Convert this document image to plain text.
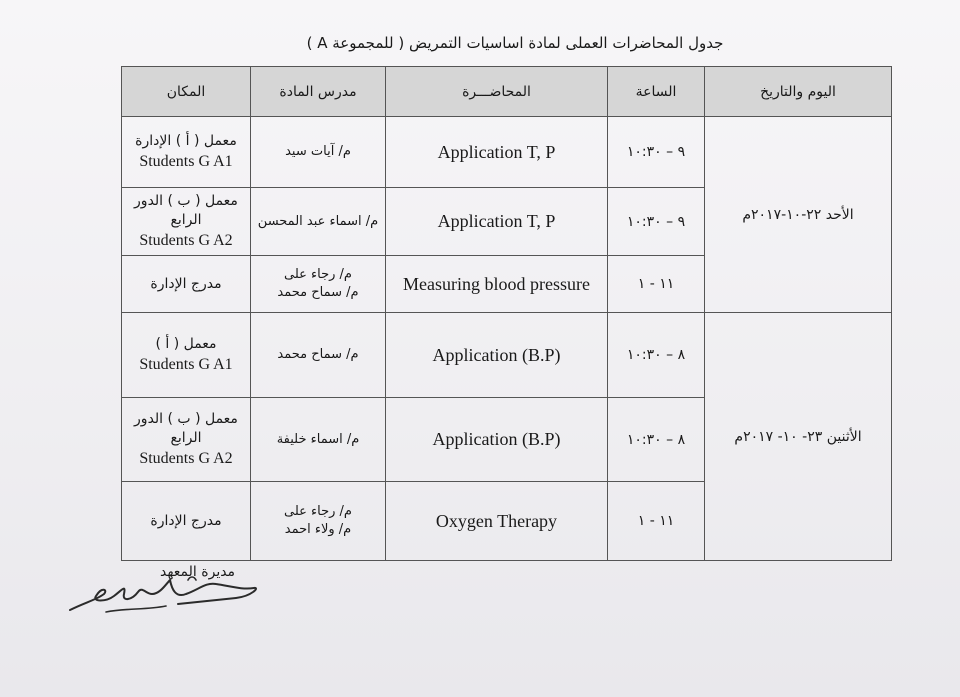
جدول المحاضرات العملى لمادة اساسيات التمريض ( للمجموعة A )
اليوم والتاريخ	الساعة	المحاضـــرة	مدرس المادة	المكان
الأحد ٢٢-١٠-٢٠١٧م	٩ – ١٠:٣٠	Application T, P	م/ آيات سيد	معمل ( أ ) الإدارة
Students G A1

	٩ – ١٠:٣٠	Application T, P	م/ اسماء عبد المحسن	معمل ( ب ) الدور
الرابع
Students G A2

	١١ - ١	Measuring blood pressure	م/ رجاء على
م/ سماح محمد	مدرج الإدارة

الأثنين ٢٣- ١٠- ٢٠١٧م	٨ – ١٠:٣٠	Application (B.P)	م/ سماح محمد	معمل ( أ )
Students G A1

	٨ – ١٠:٣٠	Application (B.P)	م/ اسماء خليفة	معمل ( ب ) الدور
الرابع
Students G A2

	١١ - ١	Oxygen Therapy	م/ رجاء على
م/ ولاء احمد	مدرج الإدارة
مديرة المعهد
